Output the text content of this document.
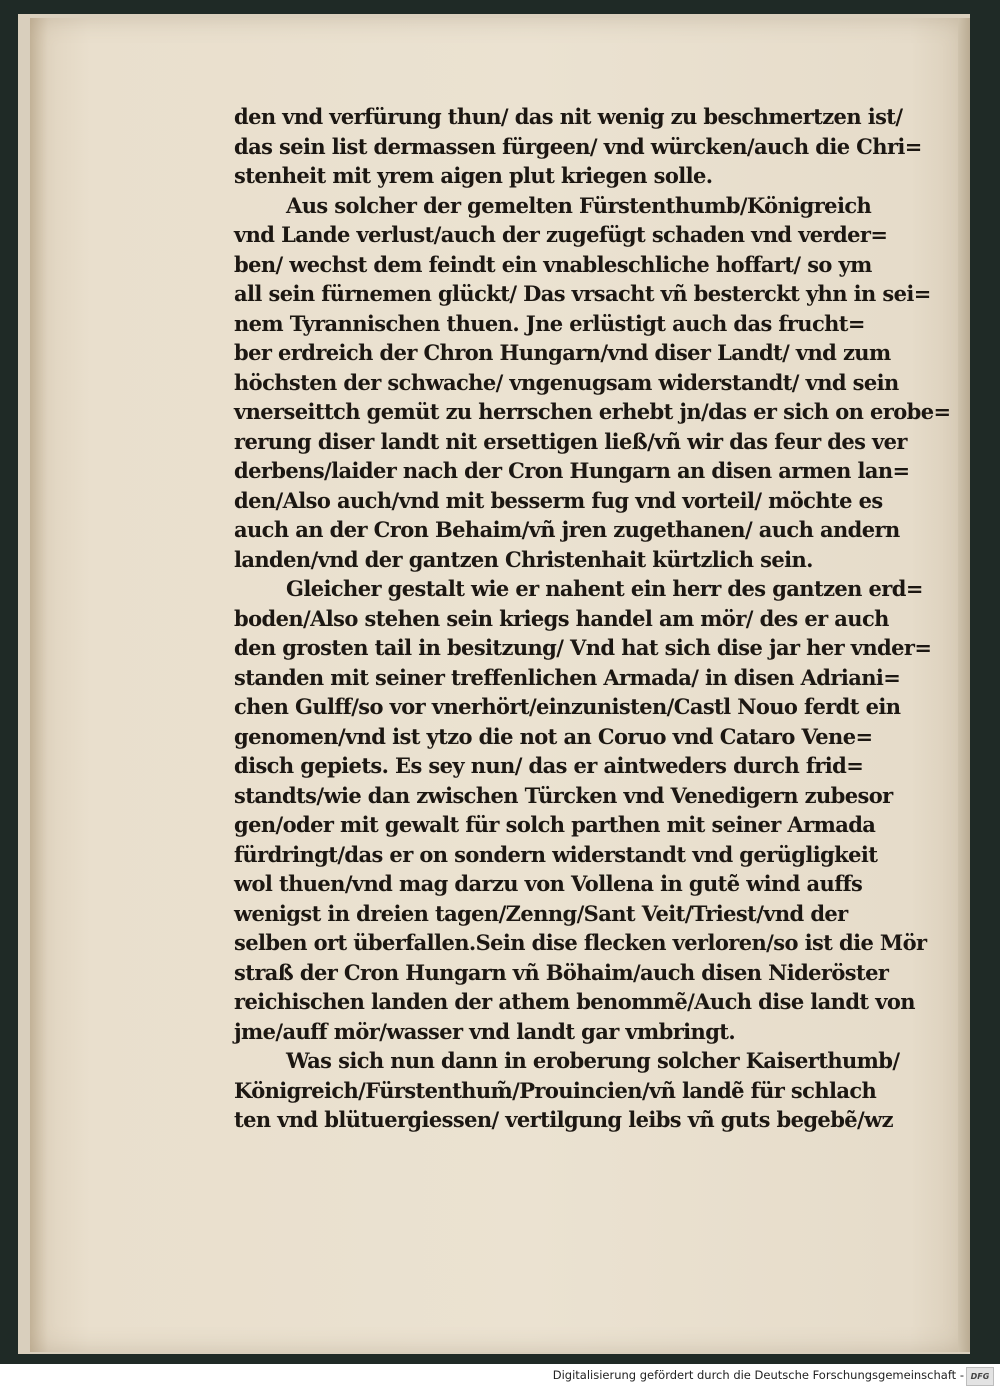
den vnd verfürung thun/ das nit wenig zu beschmertzen ist/
das sein list dermassen fürgeen/ vnd würcken/auch die Chri=
stenheit mit yrem aigen plut kriegen solle.
Aus solcher der gemelten Fürstenthumb/Königreich
vnd Lande verlust/auch der zugefügt schaden vnd verder=
ben/ wechst dem feindt ein vnableschliche hoffart/ so ym
all sein fürnemen glückt/ Das vrsacht vñ besterckt yhn in sei=
nem Tyrannischen thuen. Jne erlüstigt auch das frucht=
ber erdreich der Chron Hungarn/vnd diser Landt/ vnd zum
höchsten der schwache/ vngenugsam widerstandt/ vnd sein
vnerseittch gemüt zu herrschen erhebt jn/das er sich on erobe=
rerung diser landt nit ersettigen ließ/vñ wir das feur des ver
derbens/laider nach der Cron Hungarn an disen armen lan=
den/Also auch/vnd mit besserm fug vnd vorteil/ möchte es
auch an der Cron Behaim/vñ jren zugethanen/ auch andern
landen/vnd der gantzen Christenhait kürtzlich sein.
Gleicher gestalt wie er nahent ein herr des gantzen erd=
boden/Also stehen sein kriegs handel am mör/ des er auch
den grosten tail in besitzung/ Vnd hat sich dise jar her vnder=
standen mit seiner treffenlichen Armada/ in disen Adriani=
chen Gulff/so vor vnerhört/einzunisten/Castl Nouo ferdt ein
genomen/vnd ist ytzo die not an Coruo vnd Cataro Vene=
disch gepiets. Es sey nun/ das er aintweders durch frid=
standts/wie dan zwischen Türcken vnd Venedigern zubesor
gen/oder mit gewalt für solch parthen mit seiner Armada
fürdringt/das er on sondern widerstandt vnd gerügligkeit
wol thuen/vnd mag darzu von Vollena in gutẽ wind auffs
wenigst in dreien tagen/Zenng/Sant Veit/Triest/vnd der
selben ort überfallen.Sein dise flecken verloren/so ist die Mör
straß der Cron Hungarn vñ Böhaim/auch disen Nideröster
reichischen landen der athem benommẽ/Auch dise landt von
jme/auff mör/wasser vnd landt gar vmbringt.
Was sich nun dann in eroberung solcher Kaiserthumb/
Königreich/Fürstenthum̃/Prouincien/vñ landẽ für schlach
ten vnd blütuergiessen/ vertilgung leibs vñ guts begebẽ/wz
Digitalisierung gefördert durch die Deutsche Forschungsgemeinschaft - DFG
